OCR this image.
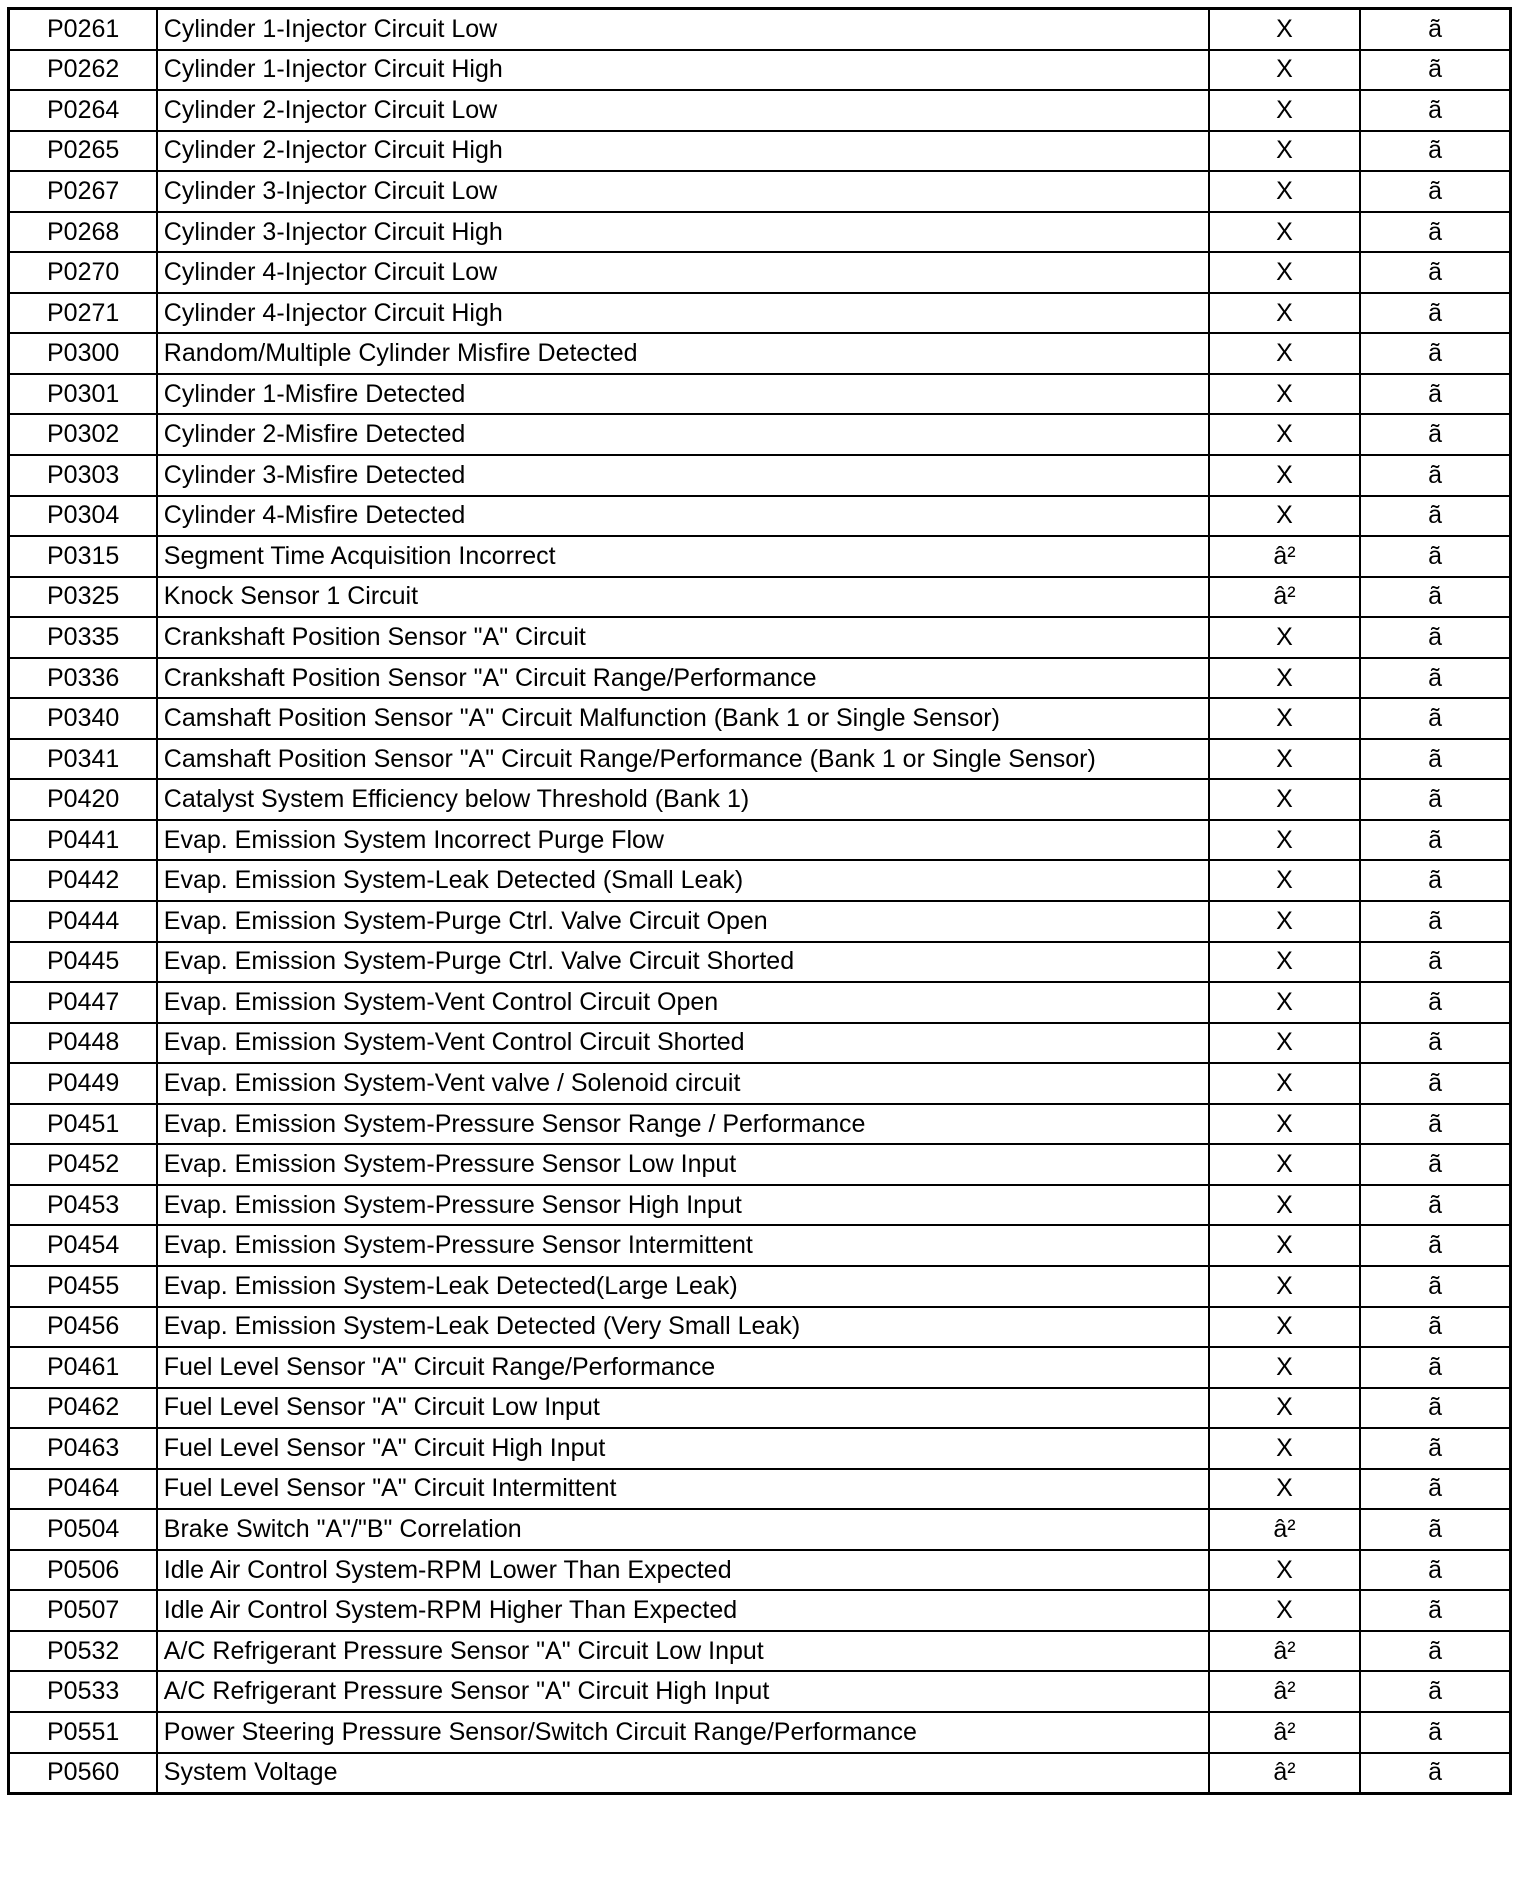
P0261	Cylinder 1-Injector Circuit Low	X	ã
P0262	Cylinder 1-Injector Circuit High	X	ã
P0264	Cylinder 2-Injector Circuit Low	X	ã
P0265	Cylinder 2-Injector Circuit High	X	ã
P0267	Cylinder 3-Injector Circuit Low	X	ã
P0268	Cylinder 3-Injector Circuit High	X	ã
P0270	Cylinder 4-Injector Circuit Low	X	ã
P0271	Cylinder 4-Injector Circuit High	X	ã
P0300	Random/Multiple Cylinder Misfire Detected	X	ã
P0301	Cylinder 1-Misfire Detected	X	ã
P0302	Cylinder 2-Misfire Detected	X	ã
P0303	Cylinder 3-Misfire Detected	X	ã
P0304	Cylinder 4-Misfire Detected	X	ã
P0315	Segment Time Acquisition Incorrect	â²	ã
P0325	Knock Sensor 1 Circuit	â²	ã
P0335	Crankshaft Position Sensor "A" Circuit	X	ã
P0336	Crankshaft Position Sensor "A" Circuit Range/Performance	X	ã
P0340	Camshaft Position Sensor "A" Circuit Malfunction (Bank 1 or Single Sensor)	X	ã
P0341	Camshaft Position Sensor "A" Circuit Range/Performance (Bank 1 or Single Sensor)	X	ã
P0420	Catalyst System Efficiency below Threshold (Bank 1)	X	ã
P0441	Evap. Emission System Incorrect Purge Flow	X	ã
P0442	Evap. Emission System-Leak Detected (Small Leak)	X	ã
P0444	Evap. Emission System-Purge Ctrl. Valve Circuit Open	X	ã
P0445	Evap. Emission System-Purge Ctrl. Valve Circuit Shorted	X	ã
P0447	Evap. Emission System-Vent Control Circuit Open	X	ã
P0448	Evap. Emission System-Vent Control Circuit Shorted	X	ã
P0449	Evap. Emission System-Vent valve / Solenoid circuit	X	ã
P0451	Evap. Emission System-Pressure Sensor Range / Performance	X	ã
P0452	Evap. Emission System-Pressure Sensor Low Input	X	ã
P0453	Evap. Emission System-Pressure Sensor High Input	X	ã
P0454	Evap. Emission System-Pressure Sensor Intermittent	X	ã
P0455	Evap. Emission System-Leak Detected(Large Leak)	X	ã
P0456	Evap. Emission System-Leak Detected (Very Small Leak)	X	ã
P0461	Fuel Level Sensor "A" Circuit Range/Performance	X	ã
P0462	Fuel Level Sensor "A" Circuit Low Input	X	ã
P0463	Fuel Level Sensor "A" Circuit High Input	X	ã
P0464	Fuel Level Sensor "A" Circuit Intermittent	X	ã
P0504	Brake Switch "A"/"B" Correlation	â²	ã
P0506	Idle Air Control System-RPM Lower Than Expected	X	ã
P0507	Idle Air Control System-RPM Higher Than Expected	X	ã
P0532	A/C Refrigerant Pressure Sensor "A" Circuit Low Input	â²	ã
P0533	A/C Refrigerant Pressure Sensor "A" Circuit High Input	â²	ã
P0551	Power Steering Pressure Sensor/Switch Circuit Range/Performance	â²	ã
P0560	System Voltage	â²	ã
